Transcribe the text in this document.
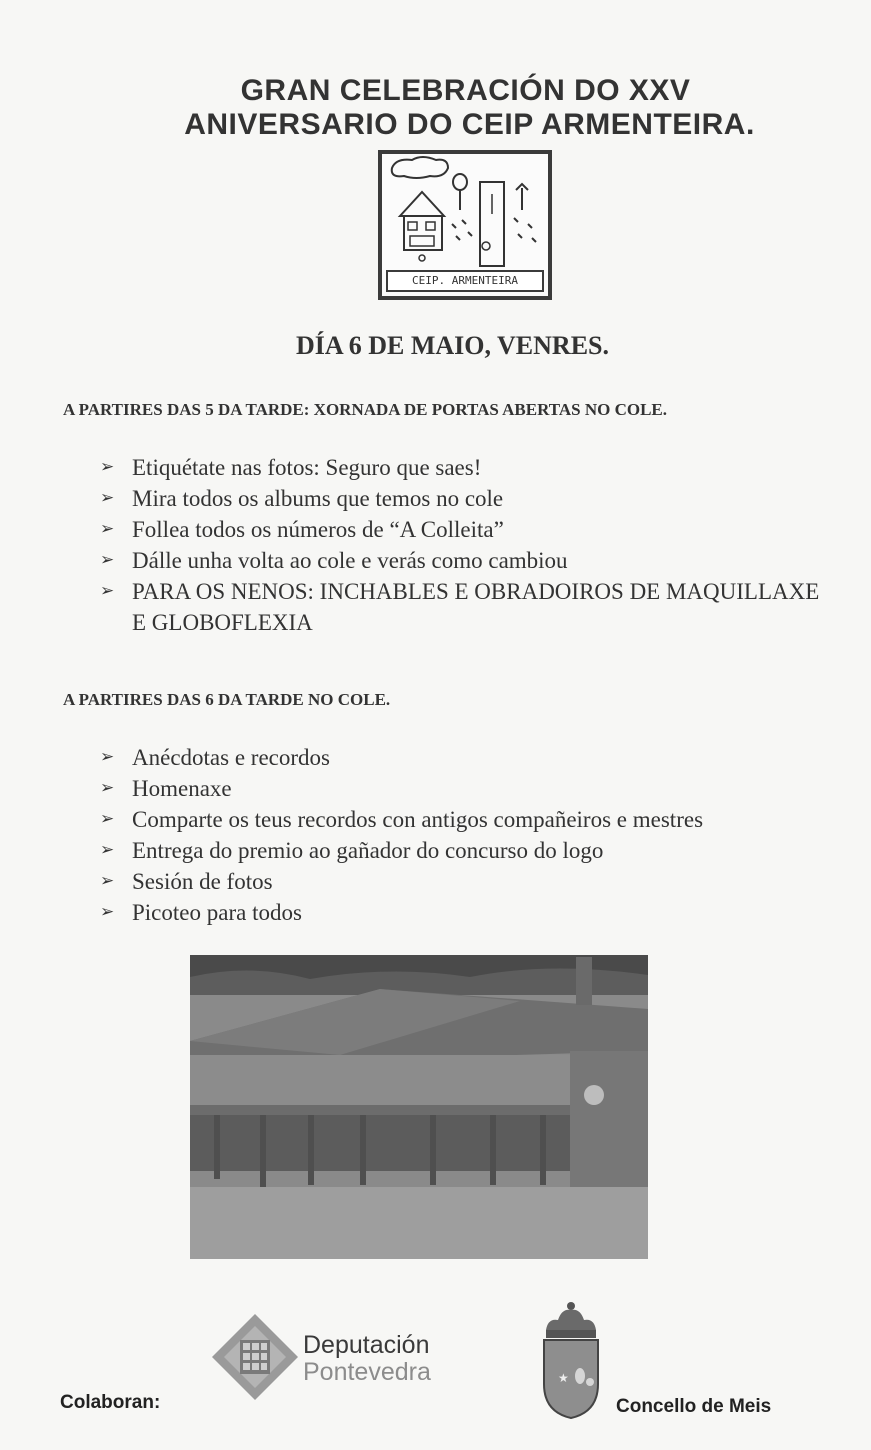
GRAN CELEBRACIÓN DO XXV
ANIVERSARIO DO CEIP ARMENTEIRA.
CEIP. ARMENTEIRA
DÍA 6 DE MAIO, VENRES.
A PARTIRES DAS 5 DA TARDE: XORNADA DE PORTAS ABERTAS NO COLE.
➢ Etiquétate nas fotos: Seguro que saes!
➢ Mira todos os albums que temos no cole
➢ Follea todos os números de “A Colleita”
➢ Dálle unha volta ao cole e verás como cambiou
➢ PARA OS NENOS: INCHABLES E OBRADOIROS DE MAQUILLAXE E GLOBOFLEXIA
A PARTIRES DAS 6 DA TARDE NO COLE.
➢ Anécdotas e recordos
➢ Homenaxe
➢ Comparte os teus recordos con antigos compañeiros e mestres
➢ Entrega do premio ao gañador do concurso do logo
➢ Sesión de fotos
➢ Picoteo para todos
Deputación
Pontevedra	★
Colaboran:	Concello de Meis
